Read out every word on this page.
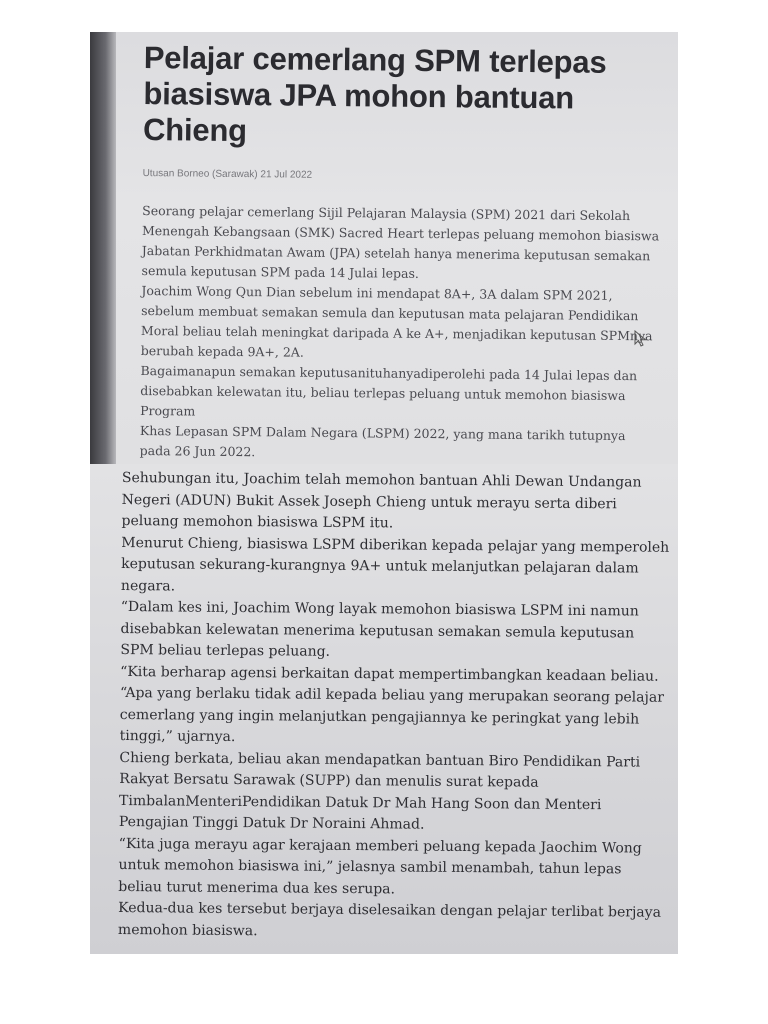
Pelajar cemerlang SPM terlepas biasiswa JPA mohon bantuan Chieng
Utusan Borneo (Sarawak) 21 Jul 2022

Seorang pelajar cemerlang Sijil Pelajaran Malaysia (SPM) 2021 dari Sekolah Menengah Kebangsaan (SMK) Sacred Heart terlepas peluang memohon biasiswa Jabatan Perkhidmatan Awam (JPA) setelah hanya menerima keputusan semakan semula keputusan SPM pada 14 Julai lepas.

Joachim Wong Qun Dian sebelum ini mendapat 8A+, 3A dalam SPM 2021, sebelum membuat semakan semula dan keputusan mata pelajaran Pendidikan Moral beliau telah meningkat daripada A ke A+, menjadikan keputusan SPMnya berubah kepada 9A+, 2A.

Bagaimanapun semakan keputusanituhanyadiperolehi pada 14 Julai lepas dan disebabkan kelewatan itu, beliau terlepas peluang untuk memohon biasiswa Program

Khas Lepasan SPM Dalam Negara (LSPM) 2022, yang mana tarikh tutupnya pada 26 Jun 2022.

Sehubungan itu, Joachim telah memohon bantuan Ahli Dewan Undangan Negeri (ADUN) Bukit Assek Joseph Chieng untuk merayu serta diberi peluang memohon biasiswa LSPM itu.

Menurut Chieng, biasiswa LSPM diberikan kepada pelajar yang memperoleh keputusan sekurang-kurangnya 9A+ untuk melanjutkan pelajaran dalam negara.

“Dalam kes ini, Joachim Wong layak memohon biasiswa LSPM ini namun disebabkan kelewatan menerima keputusan semakan semula keputusan SPM beliau terlepas peluang.

“Kita berharap agensi berkaitan dapat mempertimbangkan keadaan beliau.

“Apa yang berlaku tidak adil kepada beliau yang merupakan seorang pelajar cemerlang yang ingin melanjutkan pengajiannya ke peringkat yang lebih tinggi,” ujarnya.

Chieng berkata, beliau akan mendapatkan bantuan Biro Pendidikan Parti Rakyat Bersatu Sarawak (SUPP) dan menulis surat kepada TimbalanMenteriPendidikan Datuk Dr Mah Hang Soon dan Menteri Pengajian Tinggi Datuk Dr Noraini Ahmad.

“Kita juga merayu agar kerajaan memberi peluang kepada Jaochim Wong untuk memohon biasiswa ini,” jelasnya sambil menambah, tahun lepas beliau turut menerima dua kes serupa.

Kedua-dua kes tersebut berjaya diselesaikan dengan pelajar terlibat berjaya memohon biasiswa.
